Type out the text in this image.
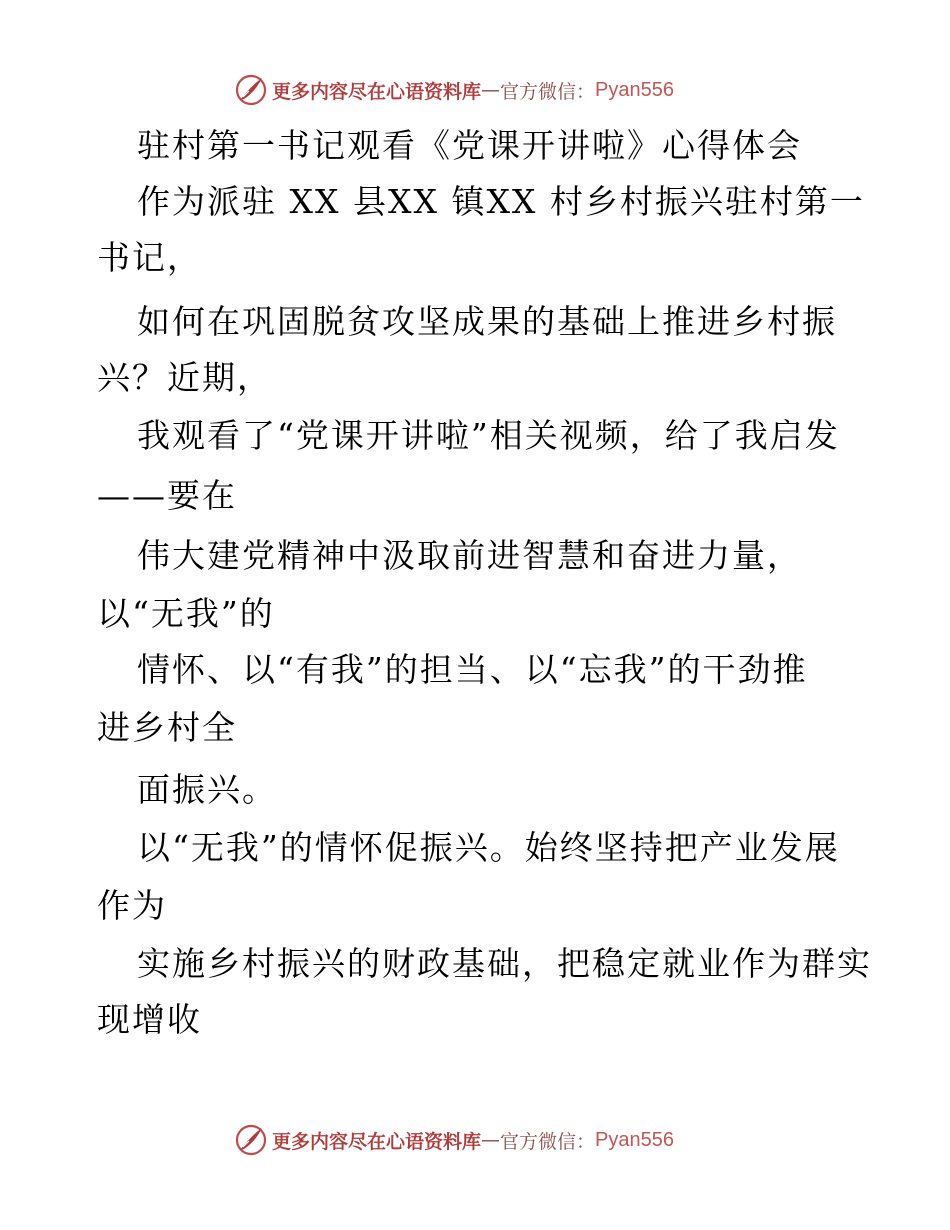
更多内容尽在心语资料库 — 官方微信： Pyan556
驻村第一书记观看《党课开讲啦》心得体会
作为派驻 XX 县XX 镇XX 村乡村振兴驻村第一
书记，
如何在巩固脱贫攻坚成果的基础上推进乡村振
兴？近期，
我观看了“党课开讲啦”相关视频，给了我启发
——要在
伟大建党精神中汲取前进智慧和奋进力量，
以“无我”的
情怀、以“有我”的担当、以“忘我”的干劲推
进乡村全
面振兴。
以“无我”的情怀促振兴。始终坚持把产业发展
作为
实施乡村振兴的财政基础，把稳定就业作为群实
现增收
更多内容尽在心语资料库 — 官方微信： Pyan556
